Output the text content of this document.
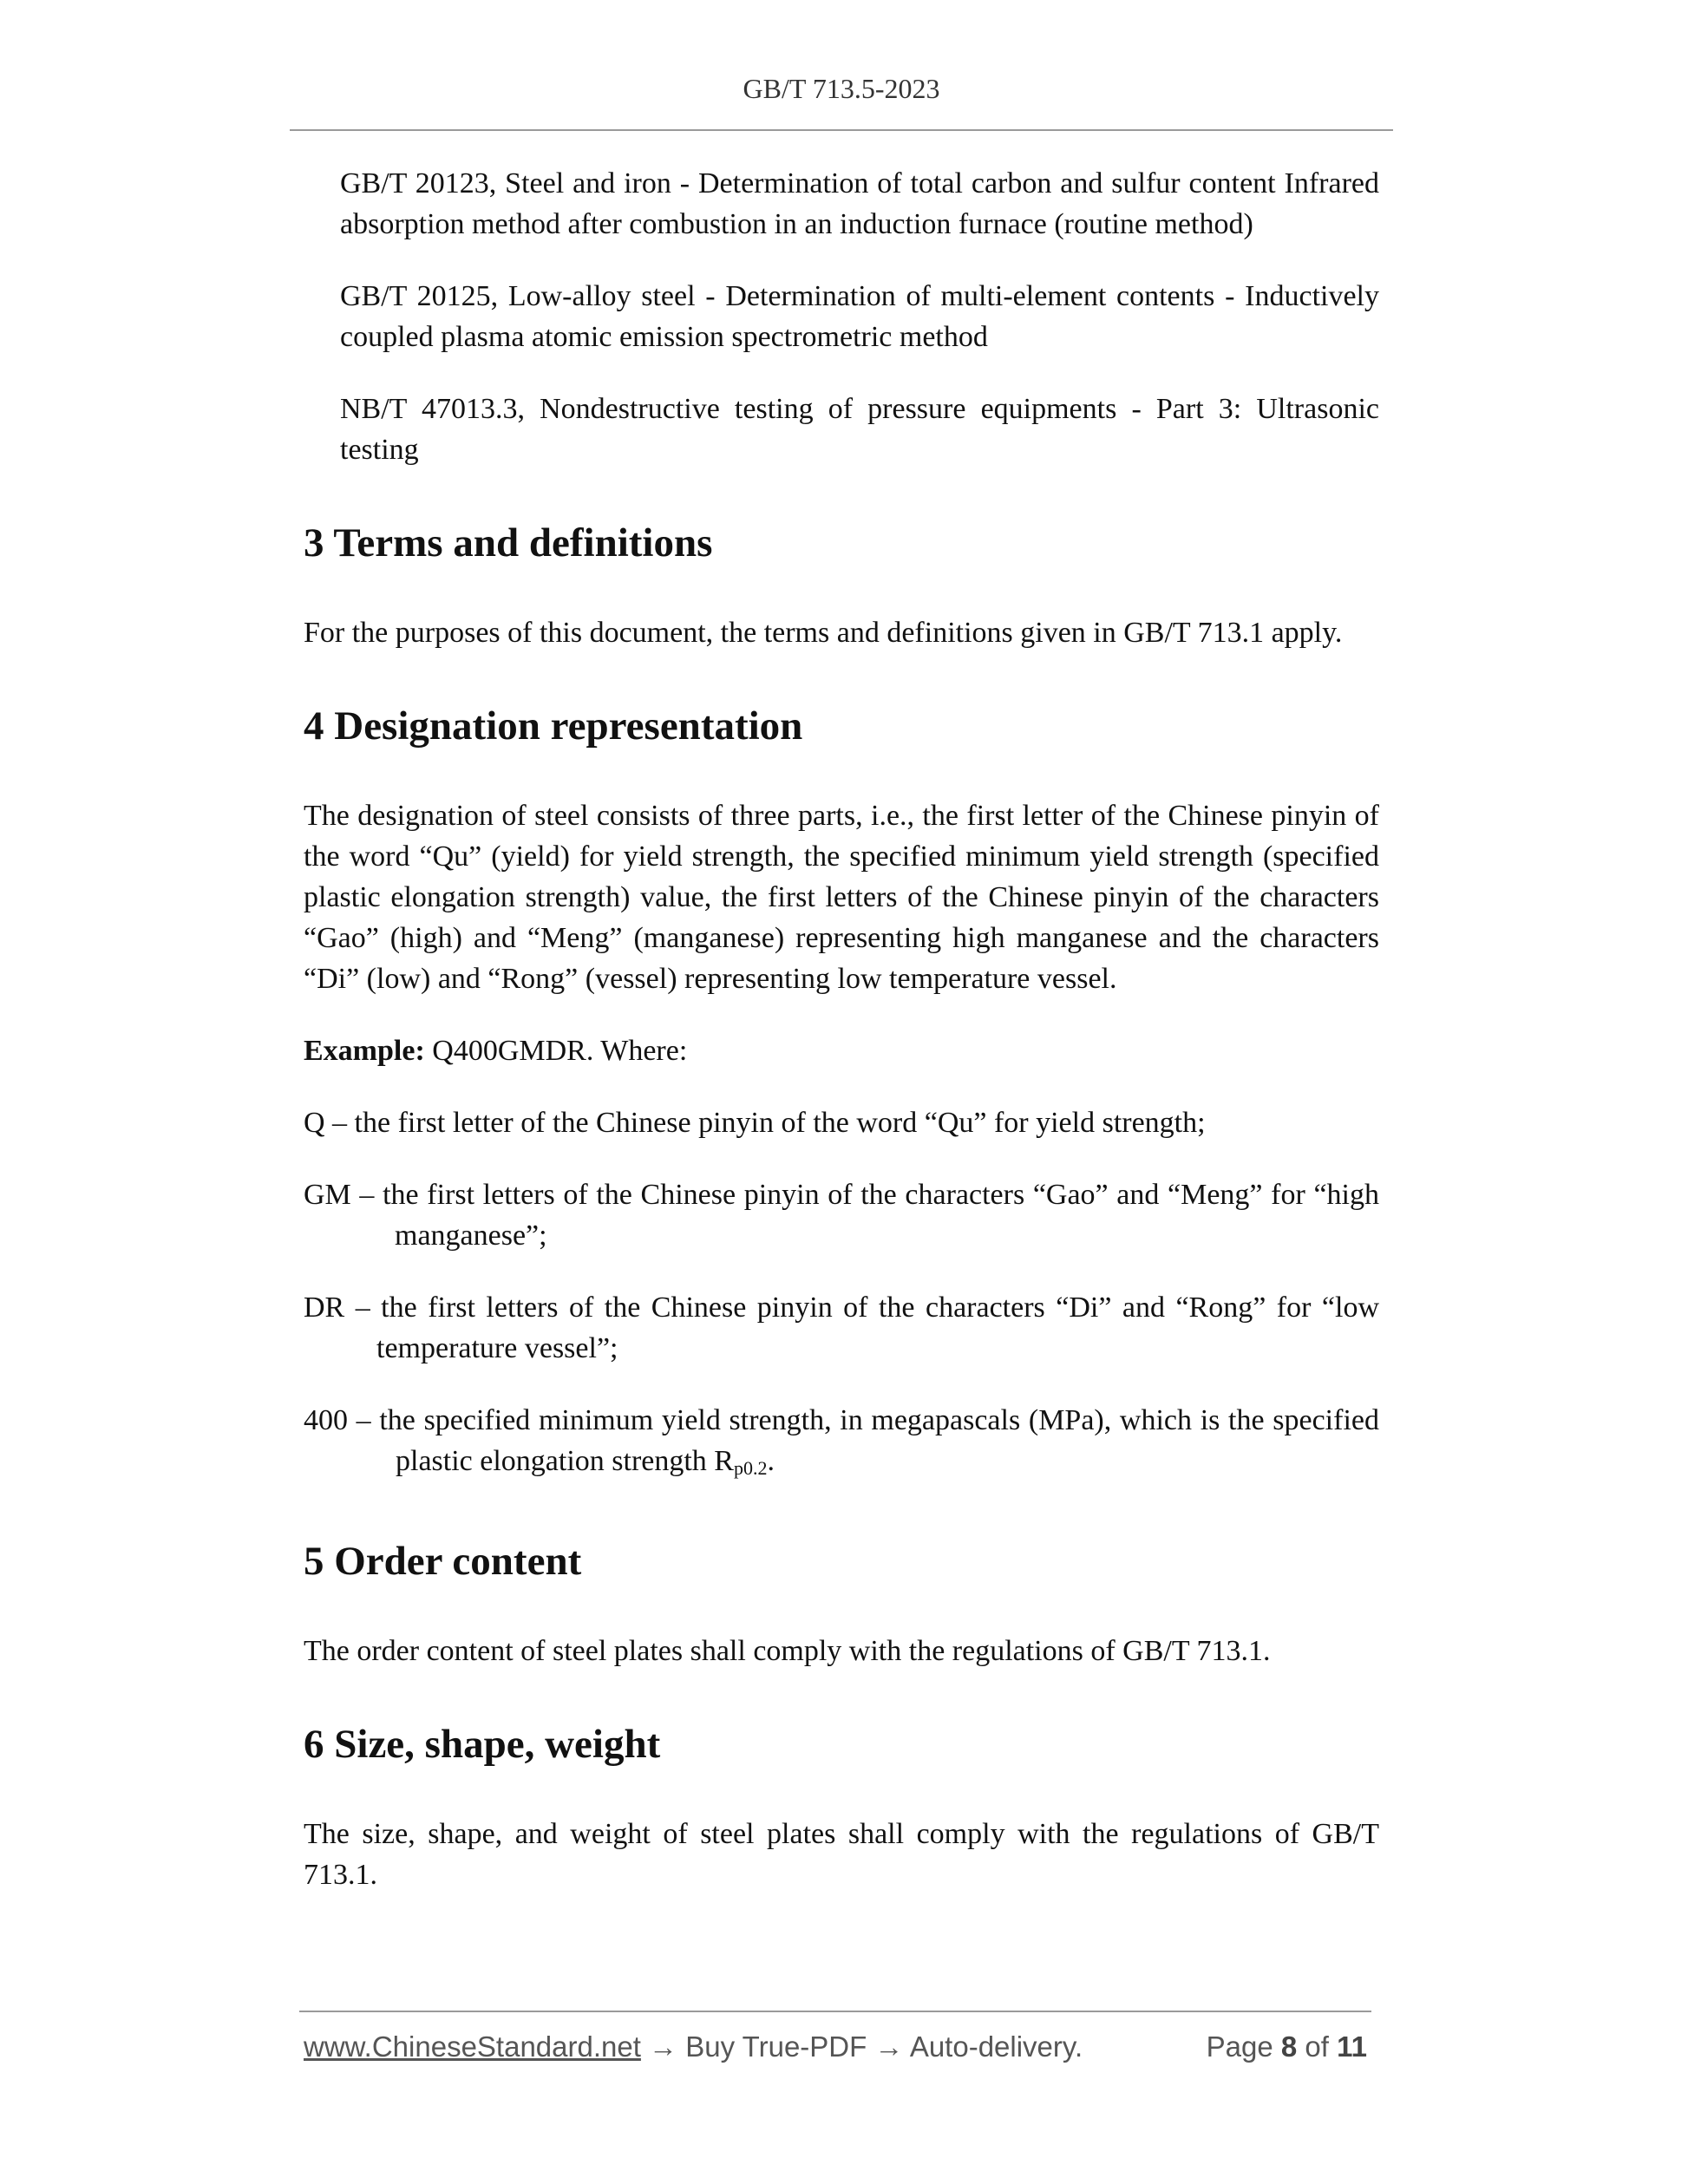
GB/T 713.5-2023

GB/T 20123, Steel and iron - Determination of total carbon and sulfur content Infrared absorption method after combustion in an induction furnace (routine method)

GB/T 20125, Low-alloy steel - Determination of multi-element contents - Inductively coupled plasma atomic emission spectrometric method

NB/T 47013.3, Nondestructive testing of pressure equipments - Part 3: Ultrasonic testing

3 Terms and definitions

For the purposes of this document, the terms and definitions given in GB/T 713.1 apply.

4 Designation representation

The designation of steel consists of three parts, i.e., the first letter of the Chinese pinyin of the word “Qu” (yield) for yield strength, the specified minimum yield strength (specified plastic elongation strength) value, the first letters of the Chinese pinyin of the characters “Gao” (high) and “Meng” (manganese) representing high manganese and the characters “Di” (low) and “Rong” (vessel) representing low temperature vessel.

Example: Q400GMDR. Where:

Q – the first letter of the Chinese pinyin of the word “Qu” for yield strength;

GM – the first letters of the Chinese pinyin of the characters “Gao” and “Meng” for “high manganese”;

DR – the first letters of the Chinese pinyin of the characters “Di” and “Rong” for “low temperature vessel”;

400 – the specified minimum yield strength, in megapascals (MPa), which is the specified plastic elongation strength $R_{p0.2}$.

5 Order content

The order content of steel plates shall comply with the regulations of GB/T 713.1.

6 Size, shape, weight

The size, shape, and weight of steel plates shall comply with the regulations of GB/T 713.1.

www.ChineseStandard.net → Buy True-PDF → Auto-delivery.	Page 8 of 11
